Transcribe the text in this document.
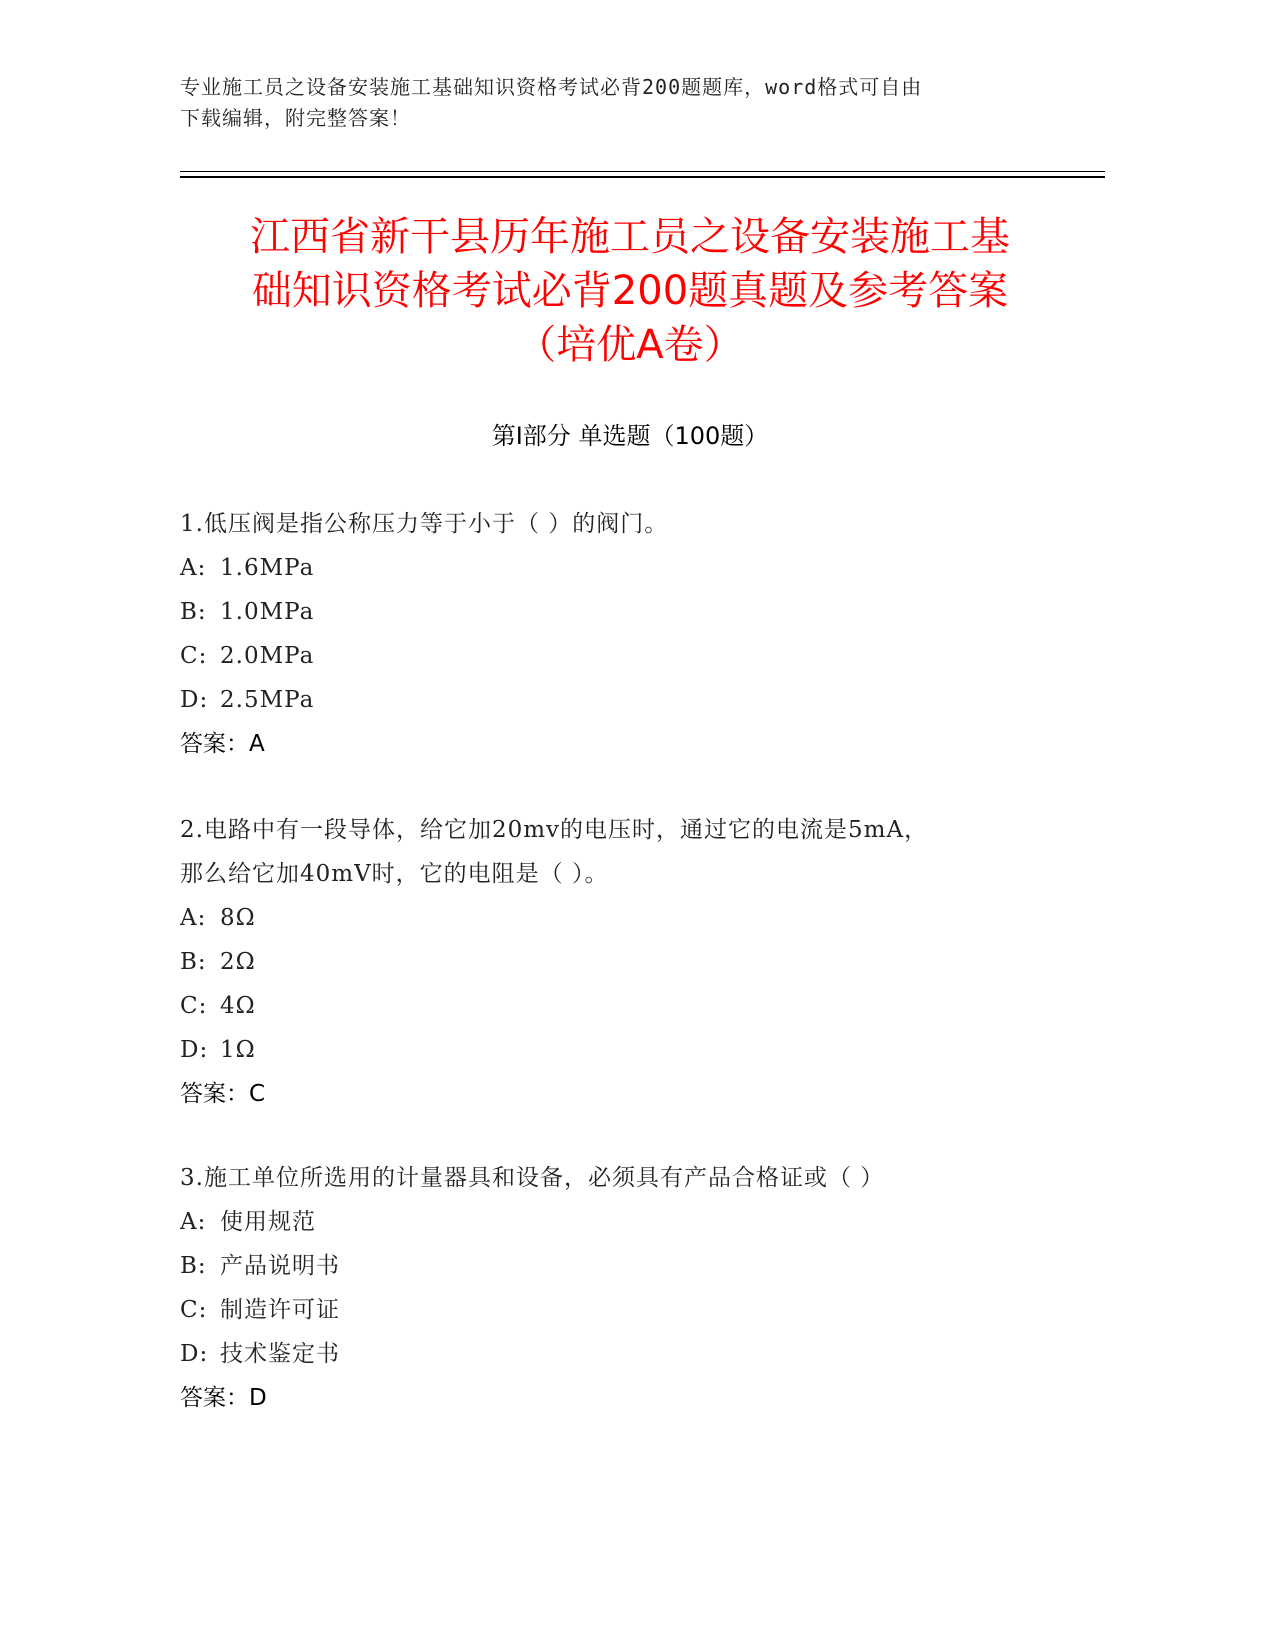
专业施工员之设备安装施工基础知识资格考试必背200题题库，word格式可自由
下载编辑，附完整答案！
江西省新干县历年施工员之设备安装施工基
础知识资格考试必背200题真题及参考答案
（培优A卷）
第Ⅰ部分 单选题（100题）
1.低压阀是指公称压力等于小于（ ）的阀门。
A: 1.6MPa
B: 1.0MPa
C: 2.0MPa
D: 2.5MPa
答案：A
2.电路中有一段导体，给它加20mv的电压时，通过它的电流是5mA，
那么给它加40mV时，它的电阻是（ ）。
A: 8Ω
B: 2Ω
C: 4Ω
D: 1Ω
答案：C
3.施工单位所选用的计量器具和设备，必须具有产品合格证或（ ）
A: 使用规范
B: 产品说明书
C: 制造许可证
D: 技术鉴定书
答案：D
